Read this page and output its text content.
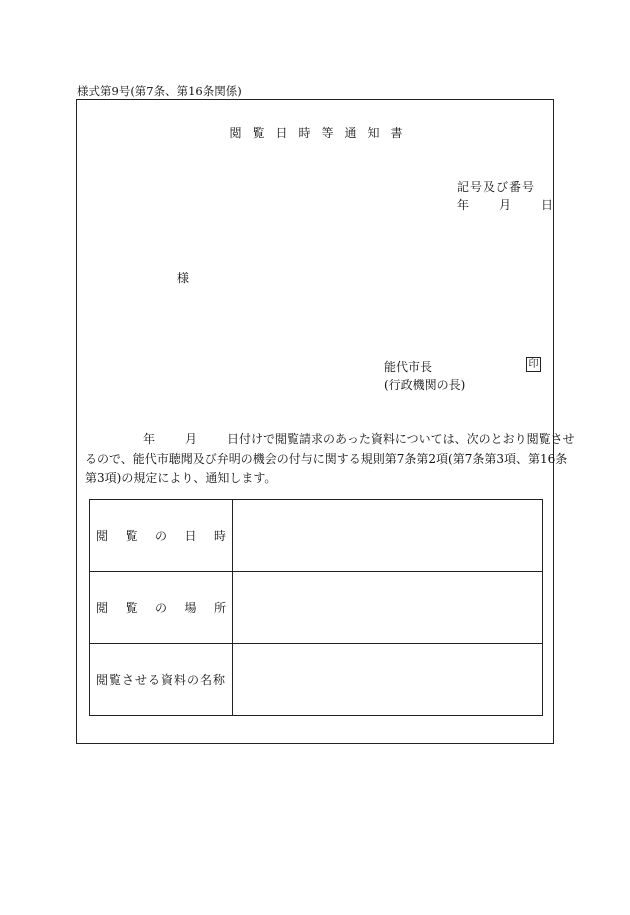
様式第9号(第7条、第16条関係)
閲覧日時等通知書
記号及び番号
年	月	日
様
能代市長	印
(行政機関の長)
年	月	日付けで閲覧請求のあった資料については、次のとおり閲覧させ
るので、能代市聴聞及び弁明の機会の付与に関する規則第7条第2項(第7条第3項、第16条
第3項)の規定により、通知します。
閲 覧 の 日 時	

閲 覧 の 場 所	

閲覧させる資料の名称	
